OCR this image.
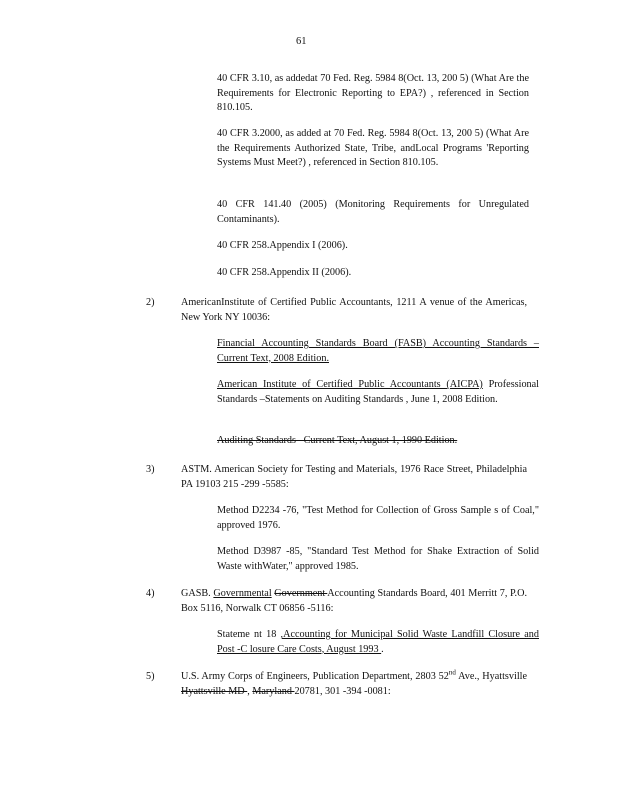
61
40 CFR 3.10, as addedat 70 Fed. Reg. 5984 8(Oct. 13, 200 5) (What Are the Requirements for Electronic Reporting to EPA?) , referenced in Section 810.105.
40 CFR 3.2000, as added at 70 Fed. Reg. 5984 8(Oct. 13, 200 5) (What Are the Requirements Authorized State, Tribe, andLocal Programs 'Reporting Systems Must Meet?) , referenced in Section 810.105.
40 CFR 141.40 (2005) (Monitoring Requirements for Unregulated Contaminants).
40 CFR 258.Appendix I (2006).
40 CFR 258.Appendix II (2006).
2)	AmericanInstitute of Certified Public Accountants, 1211 A venue of the Americas, New York NY 10036:
Financial Accounting Standards Board (FASB) Accounting Standards –Current Text, 2008 Edition.
American Institute of Certified Public Accountants (AICPA) Professional Standards –Statements on Auditing Standards , June 1, 2008 Edition.
Auditing Standards –Current Text, August 1, 1990 Edition.
3)	ASTM. American Society for Testing and Materials, 1976 Race Street, Philadelphia PA 19103 215 -299 -5585:
Method D2234 -76, "Test Method for Collection of Gross Sample s of Coal," approved 1976.
Method D3987 -85, "Standard Test Method for Shake Extraction of Solid Waste withWater," approved 1985.
4)	GASB. Governmental Government Accounting Standards Board, 401 Merritt 7, P.O. Box 5116, Norwalk CT 06856 -5116:
Stateme nt 18 ,Accounting for Municipal Solid Waste Landfill Closure and Post -C losure Care Costs, August 1993 .
5)	U.S. Army Corps of Engineers, Publication Department, 2803 52nd Ave., Hyattsville Hyattsville MD , Maryland 20781, 301 -394 -0081:
